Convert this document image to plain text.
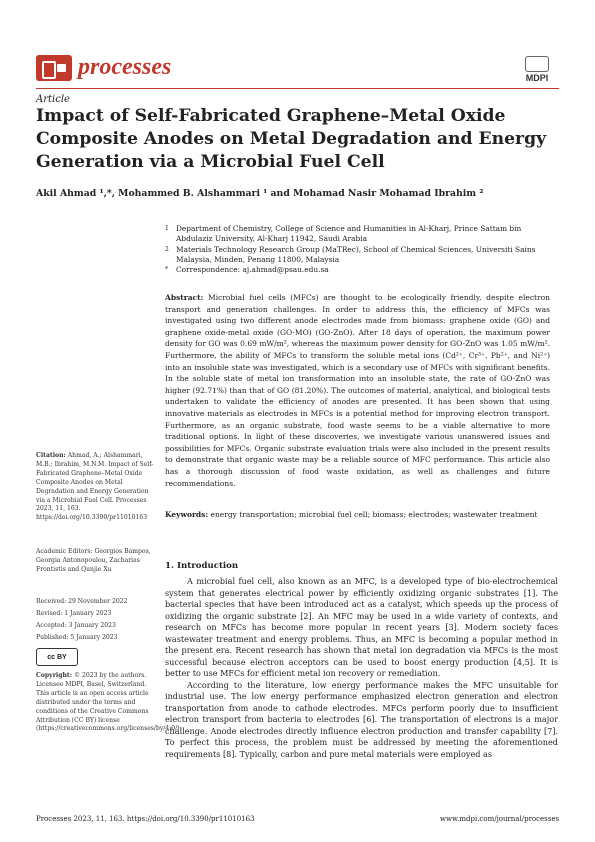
processes	MDPI
Article
Impact of Self-Fabricated Graphene–Metal Oxide Composite Anodes on Metal Degradation and Energy Generation via a Microbial Fuel Cell
Akil Ahmad ¹,*, Mohammed B. Alshammari ¹ and Mohamad Nasir Mohamad Ibrahim ²
1 Department of Chemistry, College of Science and Humanities in Al-Kharj, Prince Sattam bin Abdulaziz University, Al-Kharj 11942, Saudi Arabia
2 Materials Technology Research Group (MaTRec), School of Chemical Sciences, Universiti Sains Malaysia, Minden, Penang 11800, Malaysia
* Correspondence: aj.ahmad@psau.edu.sa
Abstract: Microbial fuel cells (MFCs) are thought to be ecologically friendly, despite electron transport and generation challenges. In order to address this, the efficiency of MFCs was investigated using two different anode electrodes made from biomass: graphene oxide (GO) and graphene oxide-metal oxide (GO-MO) (GO-ZnO). After 18 days of operation, the maximum power density for GO was 0.69 mW/m², whereas the maximum power density for GO-ZnO was 1.05 mW/m². Furthermore, the ability of MFCs to transform the soluble metal ions (Cd²⁺, Cr³⁺, Pb²⁺, and Ni²⁺) into an insoluble state was investigated, which is a secondary use of MFCs with significant benefits. In the soluble state of metal ion transformation into an insoluble state, the rate of GO-ZnO was higher (92.71%) than that of GO (81.20%). The outcomes of material, analytical, and biological tests undertaken to validate the efficiency of anodes are presented. It has been shown that using innovative materials as electrodes in MFCs is a potential method for improving electron transport. Furthermore, as an organic substrate, food waste seems to be a viable alternative to more traditional options. In light of these discoveries, we investigate various unanswered issues and possibilities for MFCs. Organic substrate evaluation trials were also included in the present results to demonstrate that organic waste may be a reliable source of MFC performance. This article also has a thorough discussion of food waste oxidation, as well as challenges and future recommendations.
Keywords: energy transportation; microbial fuel cell; biomass; electrodes; wastewater treatment
Citation: Ahmad, A.; Alshammari, M.B.; Ibrahim, M.N.M. Impact of Self-Fabricated Graphene–Metal Oxide Composite Anodes on Metal Degradation and Energy Generation via a Microbial Fuel Cell. Processes 2023, 11, 163. https://doi.org/10.3390/pr11010163
Academic Editors: Georgios Bampos, Georgia Antonopoulou, Zacharias Frontistis and Qunjie Xu
Received: 29 November 2022
Revised: 1 January 2023
Accepted: 3 January 2023
Published: 5 January 2023
cc BY
Copyright: © 2023 by the authors. Licensee MDPI, Basel, Switzerland. This article is an open access article distributed under the terms and conditions of the Creative Commons Attribution (CC BY) license (https://creativecommons.org/licenses/by/4.0/).
1. Introduction

A microbial fuel cell, also known as an MFC, is a developed type of bio-electrochemical system that generates electrical power by efficiently oxidizing organic substrates [1]. The bacterial species that have been introduced act as a catalyst, which speeds up the process of oxidizing the organic substrate [2]. An MFC may be used in a wide variety of contexts, and research on MFCs has become more popular in recent years [3]. Modern society faces wastewater treatment and energy problems. Thus, an MFC is becoming a popular method in the present era. Recent research has shown that metal ion degradation via MFCs is the most successful because electron acceptors can be used to boost energy production [4,5]. It is better to use MFCs for efficient metal ion recovery or remediation.

According to the literature, low energy performance makes the MFC unsuitable for industrial use. The low energy performance emphasized electron generation and electron transportation from anode to cathode electrodes. MFCs perform poorly due to insufficient electron transport from bacteria to electrodes [6]. The transportation of electrons is a major challenge. Anode electrodes directly influence electron production and transfer capability [7]. To perfect this process, the problem must be addressed by meeting the aforementioned requirements [8]. Typically, carbon and pure metal materials were employed as

Processes 2023, 11, 163. https://doi.org/10.3390/pr11010163	www.mdpi.com/journal/processes
